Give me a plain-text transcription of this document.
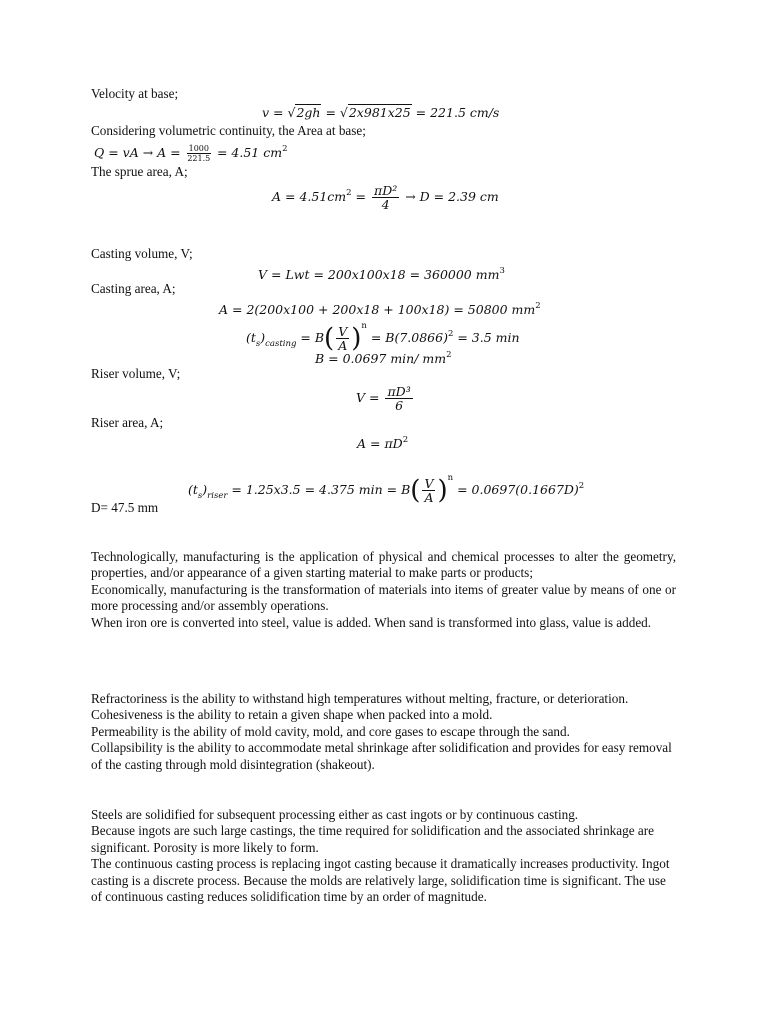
Velocity at base;
v = √2gh = √2x981x25 = 221.5 cm/s
Considering volumetric continuity, the Area at base;
Q = vA → $A = \frac{1000}{221.5} = 4.51$ $cm^2$
The sprue area, A;
$A = 4.51cm^2 = \frac{\text{πD²}}{4} \to D = 2.39$ cm
Casting volume, V;
V = Lwt = 200x100x18 = 360000 $mm^3$
Casting area, A;
A = 2(200x100 + 200x18 + 100x18) = 50800 $mm^2$
$(t_s)_{casting} = B( \frac{V}{A} )^n = B(7.0866)^2 = 3.5$ min
B = 0.0697 min/ $mm^2$
Riser volume, V;
$V = \frac{\text{πD³}}{6}$
Riser area, A;
$A = \pi D^2$
$(t_s)_{riser} = 1.25x3.5 = 4.375$ $\min = B( \frac{V}{A} )^n = 0.0697(0.1667D)^2$
D= 47.5 mm

Technologically, manufacturing is the application of physical and chemical processes to alter the geometry, properties, and/or appearance of a given starting material to make parts or products;

Economically, manufacturing is the transformation of materials into items of greater value by means of one or more processing and/or assembly operations.

When iron ore is converted into steel, value is added. When sand is transformed into glass, value is added.

Refractoriness is the ability to withstand high temperatures without melting, fracture, or deterioration.

Cohesiveness is the ability to retain a given shape when packed into a mold.

Permeability is the ability of mold cavity, mold, and core gases to escape through the sand.

Collapsibility is the ability to accommodate metal shrinkage after solidification and provides for easy removal of the casting through mold disintegration (shakeout).

Steels are solidified for subsequent processing either as cast ingots or by continuous casting.

Because ingots are such large castings, the time required for solidification and the associated shrinkage are significant. Porosity is more likely to form.

The continuous casting process is replacing ingot casting because it dramatically increases productivity. Ingot casting is a discrete process. Because the molds are relatively large, solidification time is significant. The use of continuous casting reduces solidification time by an order of magnitude.
